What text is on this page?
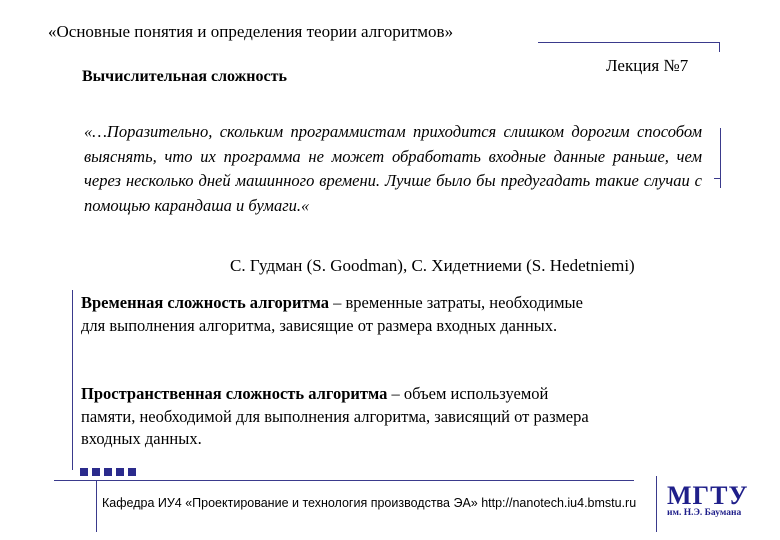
«Основные понятия и определения теории алгоритмов»
Лекция №7
Вычислительная сложность
«…Поразительно, скольким программистам приходится слишком дорогим способом выяснять, что их программа не может обработать входные данные раньше, чем через несколько дней машинного времени. Лучше было бы предугадать такие случаи с помощью карандаша и бумаги.«
С. Гудман (S. Goodman), С. Хидетниеми (S. Hedetniemi)
Временная сложность алгоритма – временные затраты, необходимые для выполнения алгоритма, зависящие от размера входных данных.
Пространственная сложность алгоритма – объем используемой памяти, необходимой для выполнения алгоритма, зависящий от размера входных данных.
Кафедра ИУ4 «Проектирование и технология производства ЭА» http://nanotech.iu4.bmstu.ru МГТУ
им. Н.Э. Баумана
